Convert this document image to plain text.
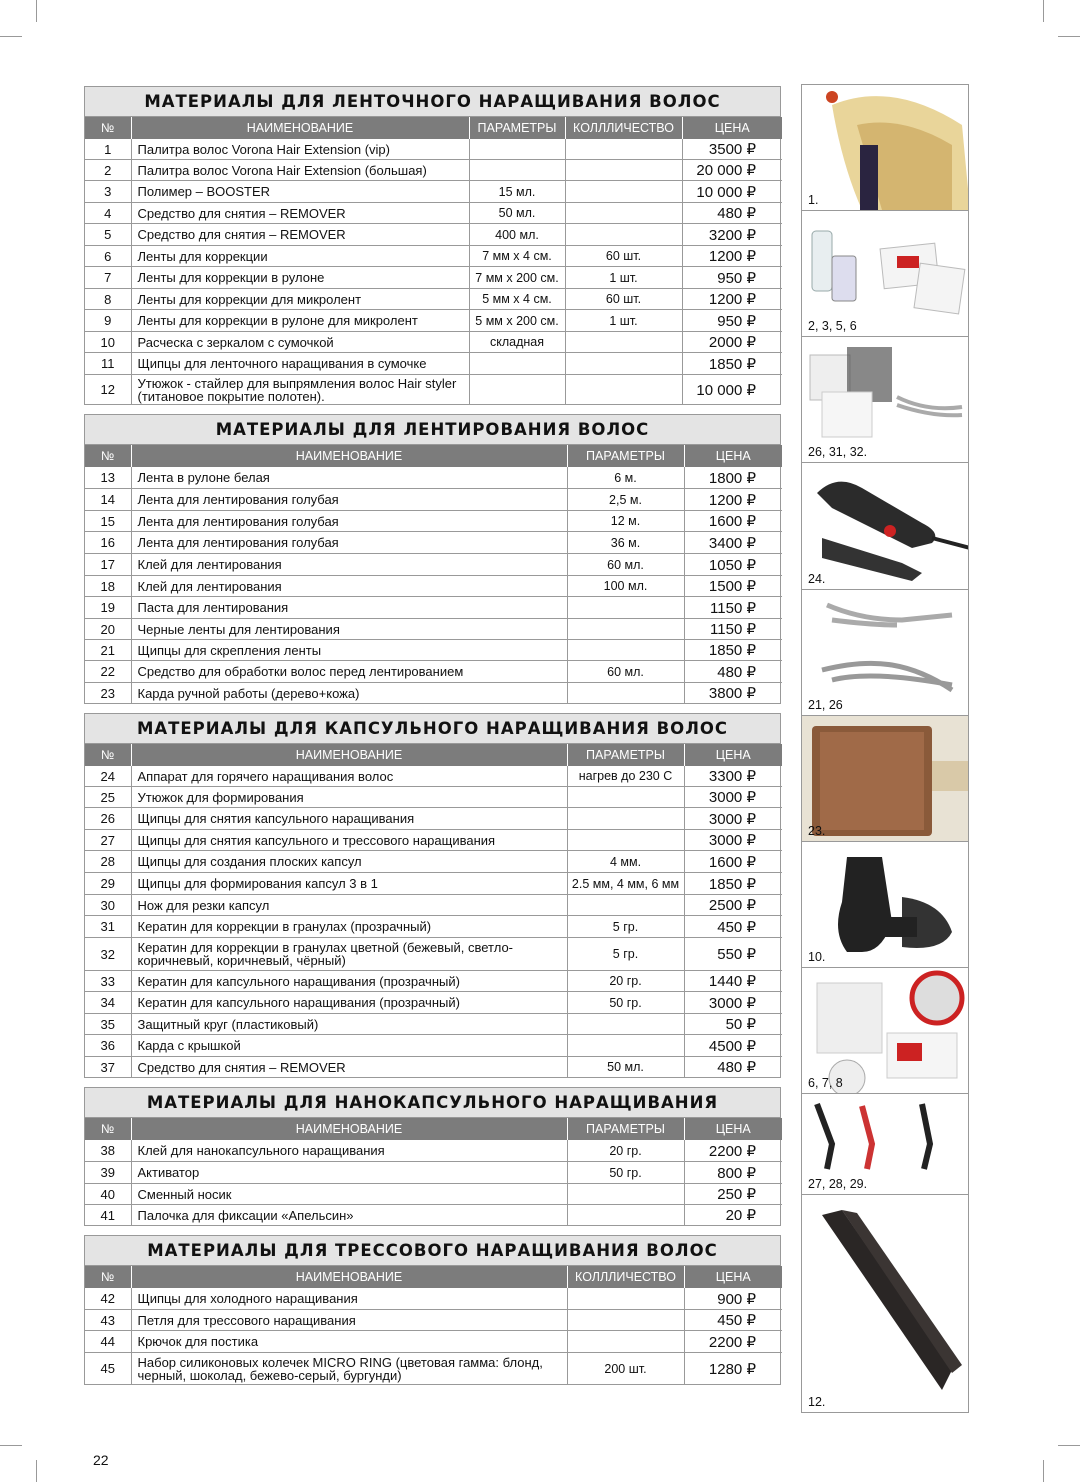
МАТЕРИАЛЫ ДЛЯ ЛЕНТОЧНОГО НАРАЩИВАНИЯ ВОЛОС
№	НАИМЕНОВАНИЕ	ПАРАМЕТРЫ	КОЛЛЛИЧЕСТВО	ЦЕНА
1	Палитра волос Vorona Hair Extension (vip)			3500 ₽
2	Палитра волос Vorona Hair Extension (большая)			20 000 ₽
3	Полимер – BOOSTER	15 мл.		10 000 ₽
4	Средство для снятия – REMOVER	50 мл.		480 ₽
5	Средство для снятия – REMOVER	400 мл.		3200 ₽
6	Ленты для коррекции	7 мм х 4 см.	60 шт.	1200 ₽
7	Ленты для коррекции в рулоне	7 мм х 200 см.	1 шт.	950 ₽
8	Ленты для коррекции для микролент	5 мм х 4 см.	60 шт.	1200 ₽
9	Ленты для коррекции в рулоне для микролент	5 мм х 200 см.	1 шт.	950 ₽
10	Расческа с зеркалом с сумочкой	складная		2000 ₽
11	Щипцы для ленточного наращивания в сумочке			1850 ₽
12	Утюжок - стайлер для выпрямления волос Hair styler (титановое покрытие полотен).			10 000 ₽
МАТЕРИАЛЫ ДЛЯ ЛЕНТИРОВАНИЯ ВОЛОС
№	НАИМЕНОВАНИЕ	ПАРАМЕТРЫ	ЦЕНА
13	Лента в рулоне белая	6 м.	1800 ₽
14	Лента для лентирования голубая	2,5 м.	1200 ₽
15	Лента для лентирования голубая	12 м.	1600 ₽
16	Лента для лентирования голубая	36 м.	3400 ₽
17	Клей для лентирования	60 мл.	1050 ₽
18	Клей для лентирования	100 мл.	1500 ₽
19	Паста для лентирования		1150 ₽
20	Черные ленты для лентирования		1150 ₽
21	Щипцы для скрепления ленты		1850 ₽
22	Средство для обработки волос перед лентированием	60 мл.	480 ₽
23	Карда ручной работы (дерево+кожа)		3800 ₽
МАТЕРИАЛЫ ДЛЯ КАПСУЛЬНОГО НАРАЩИВАНИЯ ВОЛОС
№	НАИМЕНОВАНИЕ	ПАРАМЕТРЫ	ЦЕНА
24	Аппарат для горячего наращивания волос	нагрев до 230 С	3300 ₽
25	Утюжок для формирования		3000 ₽
26	Щипцы для снятия капсульного наращивания		3000 ₽
27	Щипцы для снятия капсульного и трессового наращивания		3000 ₽
28	Щипцы для создания плоских капсул	4 мм.	1600 ₽
29	Щипцы для формирования капсул 3 в 1	2.5 мм, 4 мм, 6 мм	1850 ₽
30	Нож для резки капсул		2500 ₽
31	Кератин для коррекции в гранулах (прозрачный)	5 гр.	450 ₽
32	Кератин для коррекции в гранулах цветной (бежевый, светло-коричневый, коричневый, чёрный)	5 гр.	550 ₽
33	Кератин для капсульного наращивания (прозрачный)	20 гр.	1440 ₽
34	Кератин для капсульного наращивания (прозрачный)	50 гр.	3000 ₽
35	Защитный круг (пластиковый)		50 ₽
36	Карда с крышкой		4500 ₽
37	Средство для снятия – REMOVER	50 мл.	480 ₽
МАТЕРИАЛЫ ДЛЯ НАНОКАПСУЛЬНОГО НАРАЩИВАНИЯ
№	НАИМЕНОВАНИЕ	ПАРАМЕТРЫ	ЦЕНА
38	Клей для нанокапсульного наращивания	20 гр.	2200 ₽
39	Активатор	50 гр.	800 ₽
40	Сменный носик		250 ₽
41	Палочка для фиксации «Апельсин»		20 ₽
МАТЕРИАЛЫ ДЛЯ ТРЕССОВОГО НАРАЩИВАНИЯ ВОЛОС
№	НАИМЕНОВАНИЕ	КОЛЛЛИЧЕСТВО	ЦЕНА
42	Щипцы для холодного наращивания		900 ₽
43	Петля для трессового наращивания		450 ₽
44	Крючок для постика		2200 ₽
45	Набор силиконовых колечек MICRO RING (цветовая гамма: блонд, черный, шоколад, бежево-серый, бургунди)	200 шт.	1280 ₽
1.
2, 3, 5, 6
26, 31, 32.
24.
21, 26
23.
10.
6, 7, 8
27, 28, 29.
12.
22
